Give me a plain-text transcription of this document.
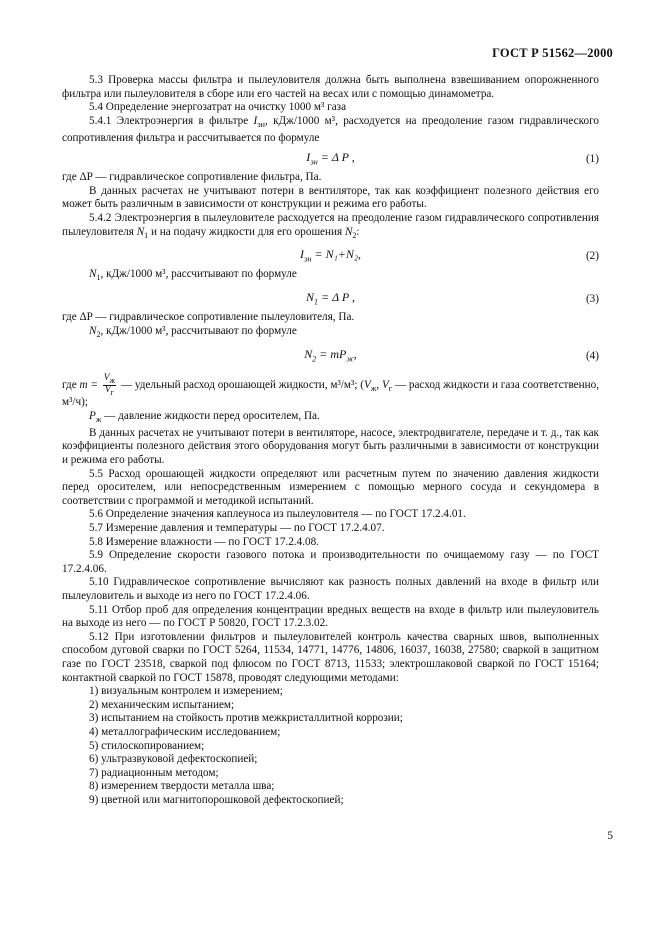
ГОСТ Р 51562—2000

5.3 Проверка массы фильтра и пылеуловителя должна быть выполнена взвешиванием опорожненного фильтра или пылеуловителя в сборе или его частей на весах или с помощью динамометра.

5.4 Определение энергозатрат на очистку 1000 м³ газа

5.4.1 Электроэнергия в фильтре $I_{эн}$, кДж/1000 м³, расходуется на преодоление газом гидравлического сопротивления фильтра и рассчитывается по формуле

$I_{эн} = \Delta$ P ,	(1)

где ΔP — гидравлическое сопротивление фильтра, Па.

В данных расчетах не учитывают потери в вентиляторе, так как коэффициент полезного действия его может быть различным в зависимости от конструкции и режима его работы.

5.4.2 Электроэнергия в пылеуловителе расходуется на преодоление газом гидравлического сопротивления пылеуловителя $N_1$ и на подачу жидкости для его орошения $N_2$:

$I_{эн} = N_1+N_2$,	(2)

$N_1$, кДж/1000 м³, рассчитывают по формуле

$N_1 = \Delta$ P ,	(3)

где ΔP — гидравлическое сопротивление пылеуловителя, Па.

$N_2$, кДж/1000 м³, рассчитывают по формуле

$N_2 = mP_ж$,	(4)

где $m = \frac{V_ж}{V_г}$ — удельный расход орошающей жидкости, м³/м³; ($V_ж$, $V_г$ — расход жидкости и газа соответственно, м³/ч);

$P_ж$ — давление жидкости перед оросителем, Па.

В данных расчетах не учитывают потери в вентиляторе, насосе, электродвигателе, передаче и т. д., так как коэффициенты полезного действия этого оборудования могут быть различными в зависимости от конструкции и режима его работы.

5.5 Расход орошающей жидкости определяют или расчетным путем по значению давления жидкости перед оросителем, или непосредственным измерением с помощью мерного сосуда и секундомера в соответствии с программой и методикой испытаний.

5.6 Определение значения каплеуноса из пылеуловителя — по ГОСТ 17.2.4.01.

5.7 Измерение давления и температуры — по ГОСТ 17.2.4.07.

5.8 Измерение влажности — по ГОСТ 17.2.4.08.

5.9 Определение скорости газового потока и производительности по очищаемому газу — по ГОСТ 17.2.4.06.

5.10 Гидравлическое сопротивление вычисляют как разность полных давлений на входе в фильтр или пылеуловитель и выходе из него по ГОСТ 17.2.4.06.

5.11 Отбор проб для определения концентрации вредных веществ на входе в фильтр или пылеуловитель на выходе из него — по ГОСТ Р 50820, ГОСТ 17.2.3.02.

5.12 При изготовлении фильтров и пылеуловителей контроль качества сварных швов, выполненных способом дуговой сварки по ГОСТ 5264, 11534, 14771, 14776, 14806, 16037, 16038, 27580; сваркой в защитном газе по ГОСТ 23518, сваркой под флюсом по ГОСТ 8713, 11533; электрошлаковой сваркой по ГОСТ 15164; контактной сваркой по ГОСТ 15878, проводят следующими методами:

1) визуальным контролем и измерением;

2) механическим испытанием;

3) испытанием на стойкость против межкристаллитной коррозии;

4) металлографическим исследованием;

5) стилоскопированием;

6) ультразвуковой дефектоскопией;

7) радиационным методом;

8) измерением твердости металла шва;

9) цветной или магнитопорошковой дефектоскопией;

5
